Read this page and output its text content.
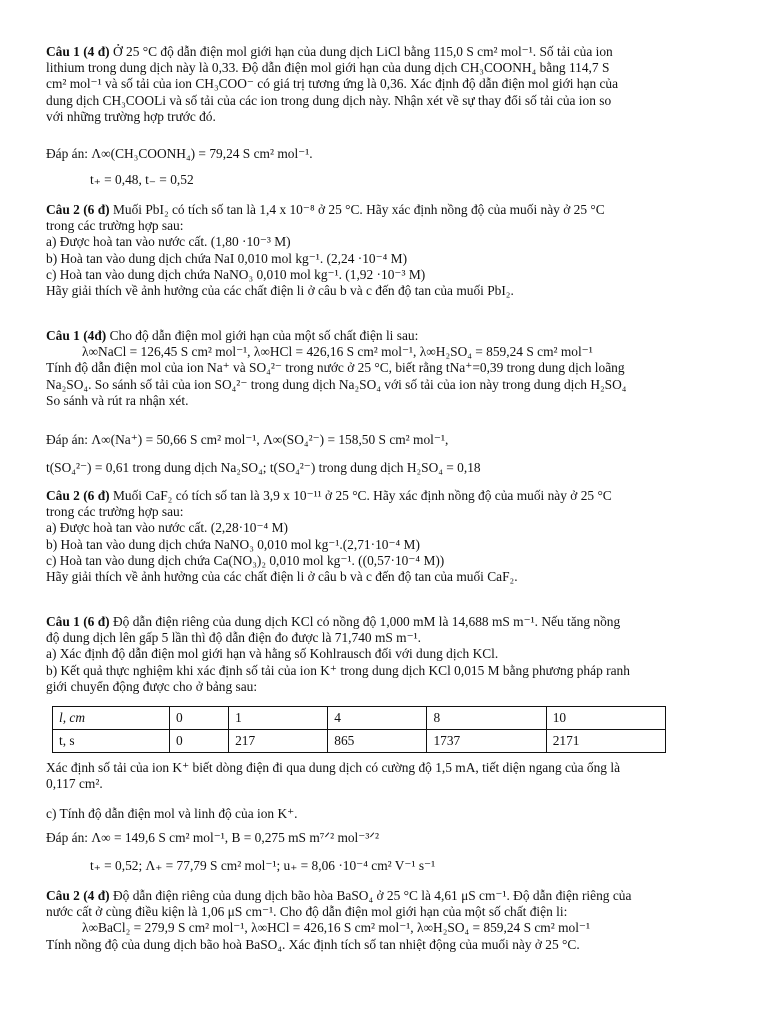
Câu 1 (4 đ) Ở 25 °C độ dẫn điện mol giới hạn của dung dịch LiCl bằng 115,0 S cm² mol⁻¹. Số tải của ion

lithium trong dung dịch này là 0,33. Độ dẫn điện mol giới hạn của dung dịch CH₃COONH₄ bằng 114,7 S

cm² mol⁻¹ và số tải của ion CH₃COO⁻ có giá trị tương ứng là 0,36. Xác định độ dẫn điện mol giới hạn của

dung dịch CH₃COOLi và số tải của các ion trong dung dịch này. Nhận xét về sự thay đổi số tải của ion so

với những trường hợp trước đó.

Đáp án: Λ∞(CH₃COONH₄) = 79,24 S cm² mol⁻¹.

t₊ = 0,48, t₋ = 0,52

Câu 2 (6 đ) Muối PbI₂ có tích số tan là 1,4 x 10⁻⁸ ở 25 °C. Hãy xác định nồng độ của muối này ở 25 °C

trong các trường hợp sau:

a) Được hoà tan vào nước cất. (1,80 ·10⁻³ M)

b) Hoà tan vào dung dịch chứa NaI 0,010 mol kg⁻¹. (2,24 ·10⁻⁴ M)

c) Hoà tan vào dung dịch chứa NaNO₃ 0,010 mol kg⁻¹. (1,92 ·10⁻³ M)

Hãy giải thích về ảnh hưởng của các chất điện li ở câu b và c đến độ tan của muối PbI₂.

Câu 1 (4đ) Cho độ dẫn điện mol giới hạn của một số chất điện li sau:

λ∞NaCl = 126,45 S cm² mol⁻¹, λ∞HCl = 426,16 S cm² mol⁻¹, λ∞H₂SO₄ = 859,24 S cm² mol⁻¹

Tính độ dẫn điện mol của ion Na⁺ và SO₄²⁻ trong nước ở 25 °C, biết rằng tNa⁺=0,39 trong dung dịch loãng

Na₂SO₄. So sánh số tải của ion SO₄²⁻ trong dung dịch Na₂SO₄ với số tải của ion này trong dung dịch H₂SO₄

So sánh và rút ra nhận xét.

Đáp án: Λ∞(Na⁺) = 50,66 S cm² mol⁻¹, Λ∞(SO₄²⁻) = 158,50 S cm² mol⁻¹,

t(SO₄²⁻) = 0,61 trong dung dịch Na₂SO₄; t(SO₄²⁻) trong dung dịch H₂SO₄ = 0,18

Câu 2 (6 đ) Muối CaF₂ có tích số tan là 3,9 x 10⁻¹¹ ở 25 °C. Hãy xác định nồng độ của muối này ở 25 °C

trong các trường hợp sau:

a) Được hoà tan vào nước cất. (2,28·10⁻⁴ M)

b) Hoà tan vào dung dịch chứa NaNO₃ 0,010 mol kg⁻¹.(2,71·10⁻⁴ M)

c) Hoà tan vào dung dịch chứa Ca(NO₃)₂ 0,010 mol kg⁻¹. ((0,57·10⁻⁴ M))

Hãy giải thích về ảnh hưởng của các chất điện li ở câu b và c đến độ tan của muối CaF₂.

Câu 1 (6 đ) Độ dẫn điện riêng của dung dịch KCl có nồng độ 1,000 mM là 14,688 mS m⁻¹. Nếu tăng nồng

độ dung dịch lên gấp 5 lần thì độ dẫn điện đo được là 71,740 mS m⁻¹.

a) Xác định độ dẫn điện mol giới hạn và hằng số Kohlrausch đối với dung dịch KCl.

b) Kết quả thực nghiệm khi xác định số tải của ion K⁺ trong dung dịch KCl 0,015 M bằng phương pháp ranh

giới chuyển động được cho ở bảng sau:

l, cm	0	1	4	8	10
t, s	0	217	865	1737	2171

Xác định số tải của ion K⁺ biết dòng điện đi qua dung dịch có cường độ 1,5 mA, tiết diện ngang của ống là

0,117 cm².

c) Tính độ dẫn điện mol và linh độ của ion K⁺.

Đáp án: Λ∞ = 149,6 S cm² mol⁻¹, B = 0,275 mS m⁷ᐟ² mol⁻³ᐟ²

t₊ = 0,52; Λ₊ = 77,79 S cm² mol⁻¹; u₊ = 8,06 ·10⁻⁴ cm² V⁻¹ s⁻¹

Câu 2 (4 đ) Độ dẫn điện riêng của dung dịch bão hòa BaSO₄ ở 25 °C là 4,61 μS cm⁻¹. Độ dẫn điện riêng của

nước cất ở cùng điều kiện là 1,06 μS cm⁻¹. Cho độ dẫn điện mol giới hạn của một số chất điện li:

λ∞BaCl₂ = 279,9 S cm² mol⁻¹, λ∞HCl = 426,16 S cm² mol⁻¹, λ∞H₂SO₄ = 859,24 S cm² mol⁻¹

Tính nồng độ của dung dịch bão hoà BaSO₄. Xác định tích số tan nhiệt động của muối này ở 25 °C.
